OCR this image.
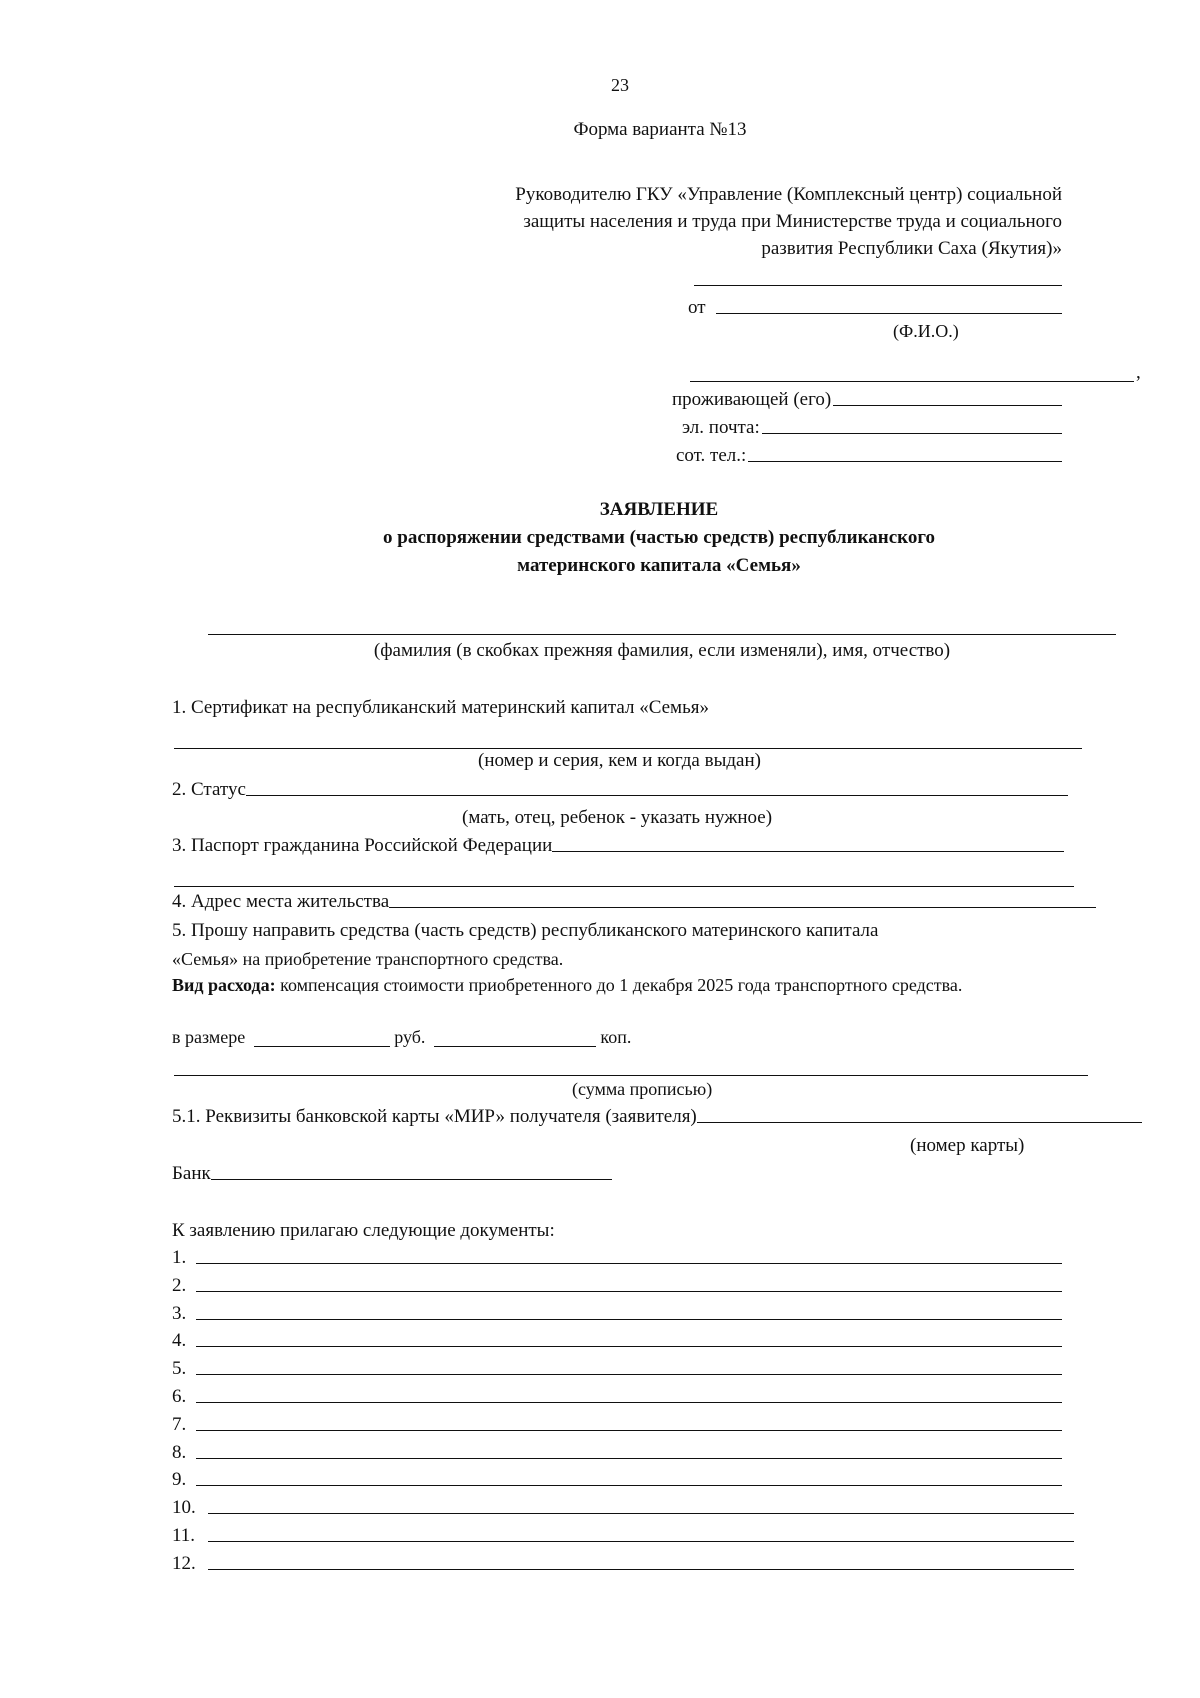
23
Форма варианта №13
Руководителю ГКУ «Управление (Комплексный центр) социальной
защиты населения и труда при Министерстве труда и социального
развития Республики Саха (Якутия)»
от
(Ф.И.О.)
,
проживающей (его)
эл. почта:
сот. тел.:
ЗАЯВЛЕНИЕ
о распоряжении средствами (частью средств) республиканского
материнского капитала «Семья»
(фамилия (в скобках прежняя фамилия, если изменяли), имя, отчество)
1. Сертификат на республиканский материнский капитал «Семья»
(номер и серия, кем и когда выдан)
2. Статус
(мать, отец, ребенок - указать нужное)
3. Паспорт гражданина Российской Федерации
4. Адрес места жительства
5. Прошу направить средства (часть средств) республиканского материнского капитала
«Семья» на приобретение транспортного средства.
Вид расхода: компенсация стоимости приобретенного до 1 декабря 2025 года транспортного средства.
в размере	руб.	коп.
(сумма прописью)
5.1. Реквизиты банковской карты «МИР» получателя (заявителя)
(номер карты)
Банк
К заявлению прилагаю следующие документы:
1.
2.
3.
4.
5.
6.
7.
8.
9.
10.
11.
12.
